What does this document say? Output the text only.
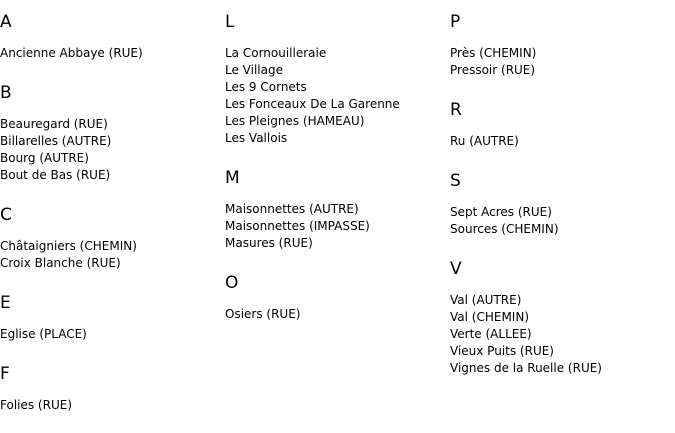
A
Ancienne Abbaye (RUE)
B
Beauregard (RUE)
Billarelles (AUTRE)
Bourg (AUTRE)
Bout de Bas (RUE)
C
Châtaigniers (CHEMIN)
Croix Blanche (RUE)
E
Eglise (PLACE)
F
Folies (RUE)
L
La Cornouilleraie
Le Village
Les 9 Cornets
Les Fonceaux De La Garenne
Les Pleignes (HAMEAU)
Les Vallois
M
Maisonnettes (AUTRE)
Maisonnettes (IMPASSE)
Masures (RUE)
O
Osiers (RUE)
P
Près (CHEMIN)
Pressoir (RUE)
R
Ru (AUTRE)
S
Sept Acres (RUE)
Sources (CHEMIN)
V
Val (AUTRE)
Val (CHEMIN)
Verte (ALLEE)
Vieux Puits (RUE)
Vignes de la Ruelle (RUE)
